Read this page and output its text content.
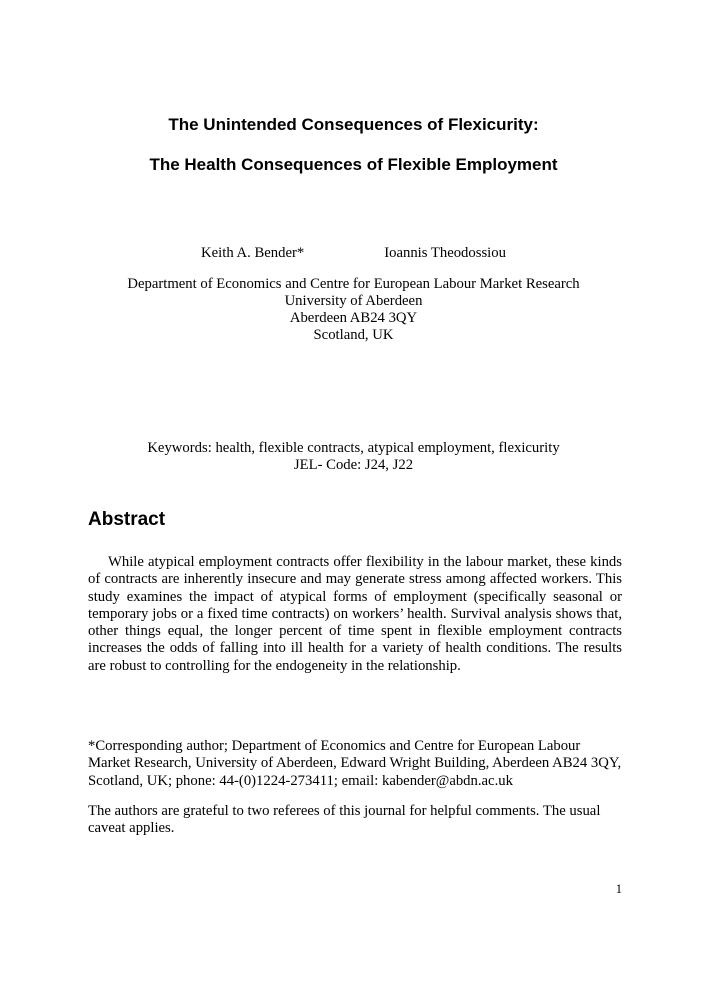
The Unintended Consequences of Flexicurity:
The Health Consequences of Flexible Employment
Keith A. Bender*	Ioannis Theodossiou
Department of Economics and Centre for European Labour Market Research
University of Aberdeen
Aberdeen AB24 3QY
Scotland, UK
Keywords: health, flexible contracts, atypical employment, flexicurity
JEL- Code: J24, J22
Abstract
While atypical employment contracts offer flexibility in the labour market, these kinds of contracts are inherently insecure and may generate stress among affected workers. This study examines the impact of atypical forms of employment (specifically seasonal or temporary jobs or a fixed time contracts) on workers’ health. Survival analysis shows that, other things equal, the longer percent of time spent in flexible employment contracts increases the odds of falling into ill health for a variety of health conditions. The results are robust to controlling for the endogeneity in the relationship.
*Corresponding author; Department of Economics and Centre for European Labour Market Research, University of Aberdeen, Edward Wright Building, Aberdeen AB24 3QY, Scotland, UK; phone: 44-(0)1224-273411; email: kabender@abdn.ac.uk
The authors are grateful to two referees of this journal for helpful comments. The usual caveat applies.
1
